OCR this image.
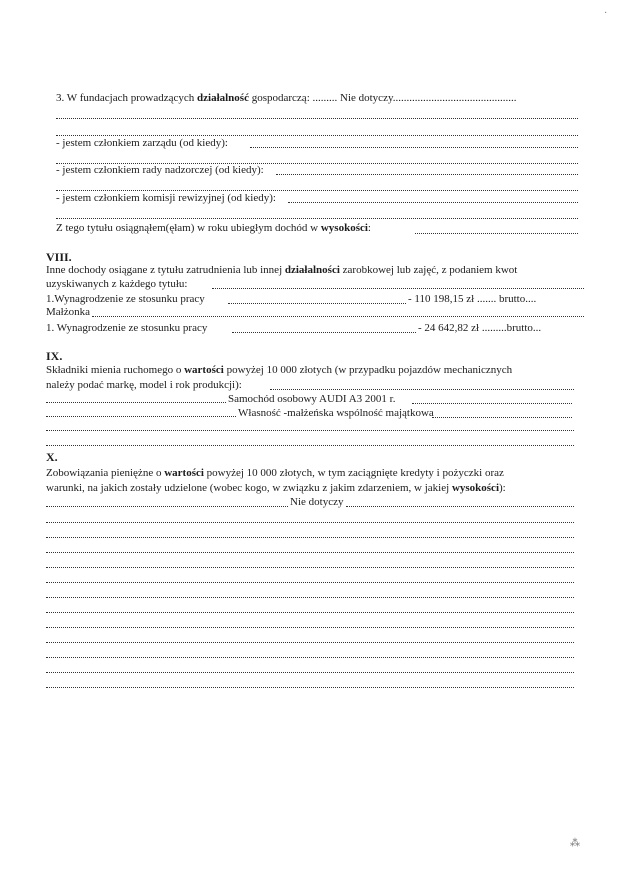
3. W fundacjach prowadzących działalność gospodarczą: ......... Nie dotyczy.............................................
- jestem członkiem zarządu (od kiedy):
- jestem członkiem rady nadzorczej (od kiedy):
- jestem członkiem komisji rewizyjnej (od kiedy):
Z tego tytułu osiągnąłem(ęłam) w roku ubiegłym dochód w wysokości:
VIII.
Inne dochody osiągane z tytułu zatrudnienia lub innej działalności zarobkowej lub zajęć, z podaniem kwot
uzyskiwanych z każdego tytułu:
1.Wynagrodzenie ze stosunku pracy	- 110 198,15 zł ....... brutto....
Małżonka
1. Wynagrodzenie ze stosunku pracy	- 24 642,82 zł .........brutto...
IX.
Składniki mienia ruchomego o wartości powyżej 10 000 złotych (w przypadku pojazdów mechanicznych
należy podać markę, model i rok produkcji):
Samochód osobowy AUDI A3 2001 r.
Własność -małżeńska wspólność majątkowa
X.
Zobowiązania pieniężne o wartości powyżej 10 000 złotych, w tym zaciągnięte kredyty i pożyczki oraz
warunki, na jakich zostały udzielone (wobec kogo, w związku z jakim zdarzeniem, w jakiej wysokości):
Nie dotyczy
·
⁂
